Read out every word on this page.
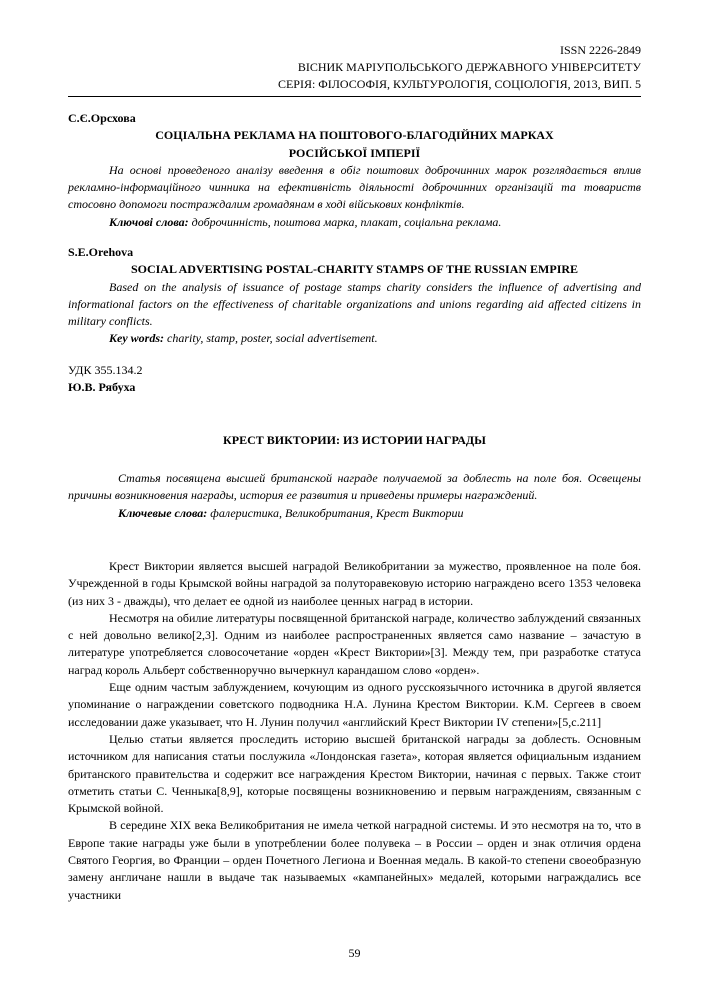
ISSN 2226-2849
ВІСНИК МАРІУПОЛЬСЬКОГО ДЕРЖАВНОГО УНІВЕРСИТЕТУ
СЕРІЯ: ФІЛОСОФІЯ, КУЛЬТУРОЛОГІЯ, СОЦІОЛОГІЯ, 2013, ВИП. 5

С.Є.Орсхова

СОЦІАЛЬНА РЕКЛАМА НА ПОШТОВОГО-БЛАГОДІЙНИХ МАРКАХ

РОСІЙСЬКОЇ ІМПЕРІЇ

На основі проведеного аналізу введення в обіг поштових доброчинних марок розглядається вплив рекламно-інформаційного чинника на ефективність діяльності доброчинних організацій та товариств стосовно допомоги постраждалим громадянам в ході військових конфліктів.

Ключові слова: доброчинність, поштова марка, плакат, соціальна реклама.

S.E.Orehova

SOCIAL ADVERTISING POSTAL-CHARITY STAMPS OF THE RUSSIAN EMPIRE

Based on the analysis of issuance of postage stamps charity considers the influence of advertising and informational factors on the effectiveness of charitable organizations and unions regarding aid affected citizens in military conflicts.

Key words: charity, stamp, poster, social advertisement.

УДК 355.134.2

Ю.В. Рябуха

КРЕСТ ВИКТОРИИ: ИЗ ИСТОРИИ НАГРАДЫ

Статья посвящена высшей британской награде получаемой за доблесть на поле боя. Освещены причины возникновения награды, история ее развития и приведены примеры награждений.

Ключевые слова: фалеристика, Великобритания, Крест Виктории

Крест Виктории является высшей наградой Великобритании за мужество, проявленное на поле боя. Учрежденной в годы Крымской войны наградой за полуторавековую историю награждено всего 1353 человека (из них 3 - дважды), что делает ее одной из наиболее ценных наград в истории.

Несмотря на обилие литературы посвященной британской награде, количество заблуждений связанных с ней довольно велико[2,3]. Одним из наиболее распространенных является само название – зачастую в литературе употребляется словосочетание «орден «Крест Виктории»[3]. Между тем, при разработке статуса наград король Альберт собственноручно вычеркнул карандашом слово «орден».

Еще одним частым заблуждением, кочующим из одного русскоязычного источника в другой является упоминание о награждении советского подводника Н.А. Лунина Крестом Виктории. К.М. Сергеев в своем исследовании даже указывает, что Н. Лунин получил «английский Крест Виктории IV степени»[5,с.211]

Целью статьи является проследить историю высшей британской награды за доблесть. Основным источником для написания статьи послужила «Лондонская газета», которая является официальным изданием британского правительства и содержит все награждения Крестом Виктории, начиная с первых. Также стоит отметить статьи С. Ченныка[8,9], которые посвящены возникновению и первым награждениям, связанным с Крымской войной.

В середине XIX века Великобритания не имела четкой наградной системы. И это несмотря на то, что в Европе такие награды уже были в употреблении более полувека – в России – орден и знак отличия ордена Святого Георгия, во Франции – орден Почетного Легиона и Военная медаль. В какой-то степени своеобразную замену англичане нашли в выдаче так называемых «кампанейных» медалей, которыми награждались все участники

59
